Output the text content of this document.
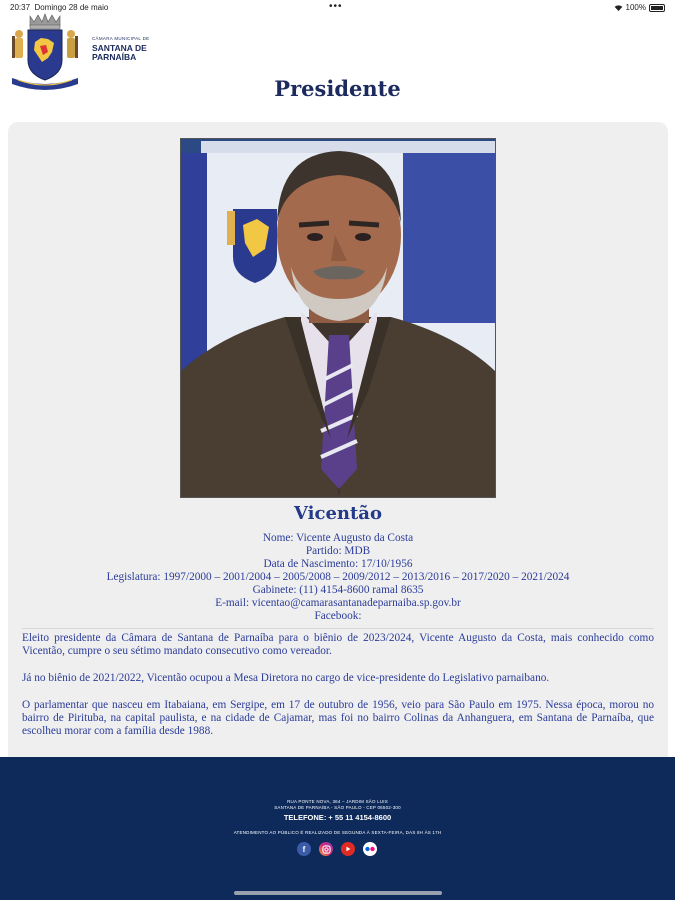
20:37 Domingo 28 de maio	•••	100%
CÂMARA MUNICIPAL DE
SANTANA DE
PARNAÍBA
Presidente
Vicentão
Nome: Vicente Augusto da Costa
Partido: MDB
Data de Nascimento: 17/10/1956
Legislatura: 1997/2000 – 2001/2004 – 2005/2008 – 2009/2012 – 2013/2016 – 2017/2020 – 2021/2024
Gabinete: (11) 4154-8600 ramal 8635
E-mail: vicentao@camarasantanadeparnaiba.sp.gov.br
Facebook:

Eleito presidente da Câmara de Santana de Parnaíba para o biênio de 2023/2024, Vicente Augusto da Costa, mais conhecido como Vicentão, cumpre o seu sétimo mandato consecutivo como vereador.

Já no biênio de 2021/2022, Vicentão ocupou a Mesa Diretora no cargo de vice-presidente do Legislativo parnaibano.

O parlamentar que nasceu em Itabaiana, em Sergipe, em 17 de outubro de 1956, veio para São Paulo em 1975. Nessa época, morou no bairro de Pirituba, na capital paulista, e na cidade de Cajamar, mas foi no bairro Colinas da Anhanguera, em Santana de Parnaíba, que escolheu morar com a família desde 1988.

RUA PONTE NOVA, 364 – JARDIM SÃO LUIS
SANTANA DE PARNAÍBA - SÃO PAULO - CEP 06502-300
TELEFONE: + 55 11 4154-8600
ATENDIMENTO AO PÚBLICO É REALIZADO DE SEGUNDA À SEXTA-FEIRA, DAS 8H ÀS 17H
f
